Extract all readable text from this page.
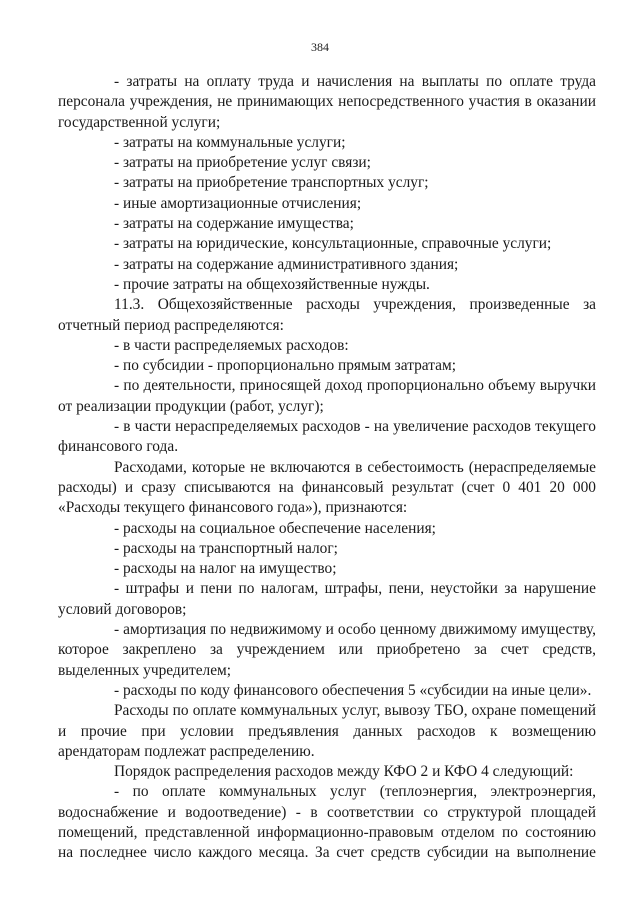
384

- затраты на оплату труда и начисления на выплаты по оплате труда персонала учреждения, не принимающих непосредственного участия в оказании государственной услуги;

- затраты на коммунальные услуги;

- затраты на приобретение услуг связи;

- затраты на приобретение транспортных услуг;

- иные амортизационные отчисления;

- затраты на содержание имущества;

- затраты на юридические, консультационные, справочные услуги;

- затраты на содержание административного здания;

- прочие затраты на общехозяйственные нужды.

11.3. Общехозяйственные расходы учреждения, произведенные за отчетный период распределяются:

- в части распределяемых расходов:

- по субсидии - пропорционально прямым затратам;

- по деятельности, приносящей доход пропорционально объему выручки от реализации продукции (работ, услуг);

- в части нераспределяемых расходов - на увеличение расходов текущего финансового года.

Расходами, которые не включаются в себестоимость (нераспределяемые расходы) и сразу списываются на финансовый результат (счет 0 401 20 000 «Расходы текущего финансового года»), признаются:

- расходы на социальное обеспечение населения;

- расходы на транспортный налог;

- расходы на налог на имущество;

- штрафы и пени по налогам, штрафы, пени, неустойки за нарушение условий договоров;

- амортизация по недвижимому и особо ценному движимому имуществу, которое закреплено за учреждением или приобретено за счет средств, выделенных учредителем;

- расходы по коду финансового обеспечения 5 «субсидии на иные цели».

Расходы по оплате коммунальных услуг, вывозу ТБО, охране помещений и прочие при условии предъявления данных расходов к возмещению арендаторам подлежат распределению.

Порядок распределения расходов между КФО 2 и КФО 4 следующий:

- по оплате коммунальных услуг (теплоэнергия, электроэнергия, водоснабжение и водоотведение) - в соответствии со структурой площадей помещений, представленной информационно-правовым отделом по состоянию на последнее число каждого месяца. За счет средств субсидии на выполнение
